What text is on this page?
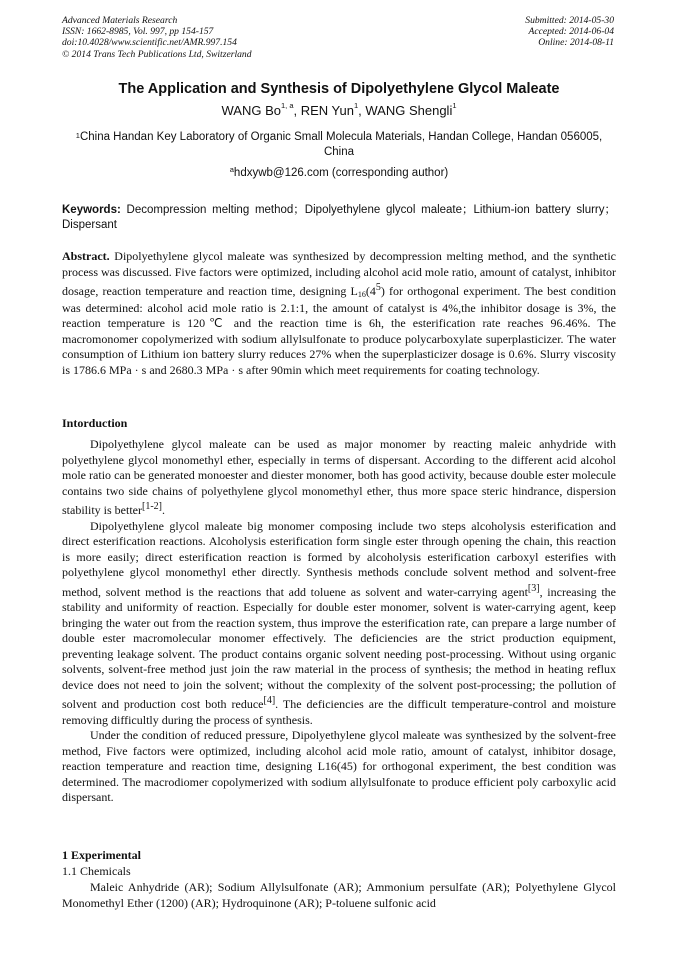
Advanced Materials Research
ISSN: 1662-8985, Vol. 997, pp 154-157
doi:10.4028/www.scientific.net/AMR.997.154
© 2014 Trans Tech Publications Ltd, Switzerland
Submitted: 2014-05-30
Accepted: 2014-06-04
Online: 2014-08-11
The Application and Synthesis of Dipolyethylene Glycol Maleate
WANG Bo$^{1, a}$, REN Yun$^1$, WANG Shengli$^1$
$^1$China Handan Key Laboratory of Organic Small Molecula Materials, Handan College, Handan 056005, China
$^a$hdxywb@126.com (corresponding author)
Keywords: Decompression melting method；Dipolyethylene glycol maleate；Lithium-ion battery slurry；Dispersant
Abstract. Dipolyethylene glycol maleate was synthesized by decompression melting method, and the synthetic process was discussed. Five factors were optimized, including alcohol acid mole ratio, amount of catalyst, inhibitor dosage, reaction temperature and reaction time, designing $L16(4^5)$ for orthogonal experiment. The best condition was determined: alcohol acid mole ratio is 2.1:1, the amount of catalyst is 4%,the inhibitor dosage is 3%, the reaction temperature is 120℃ and the reaction time is 6h, the esterification rate reaches 96.46%. The macromonomer copolymerized with sodium allylsulfonate to produce polycarboxylate superplasticizer. The water consumption of Lithium ion battery slurry reduces 27% when the superplasticizer dosage is 0.6%. Slurry viscosity is 1786.6 MPa · s and 2680.3 MPa · s after 90min which meet requirements for coating technology.
Intorduction

Dipolyethylene glycol maleate can be used as major monomer by reacting maleic anhydride with polyethylene glycol monomethyl ether, especially in terms of dispersant. According to the different acid alcohol mole ratio can be generated monoester and diester monomer, both has good activity, because double ester molecule contains two side chains of polyethylene glycol monomethyl ether, thus more space steric hindrance, dispersion stability is better[1-2].

Dipolyethylene glycol maleate big monomer composing include two steps alcoholysis esterification and direct esterification reactions. Alcoholysis esterification form single ester through opening the chain, this reaction is more easily; direct esterification reaction is formed by alcoholysis esterification carboxyl esterifies with polyethylene glycol monomethyl ether directly. Synthesis methods conclude solvent method and solvent-free method, solvent method is the reactions that add toluene as solvent and water-carrying agent[3], increasing the stability and uniformity of reaction. Especially for double ester monomer, solvent is water-carrying agent, keep bringing the water out from the reaction system, thus improve the esterification rate, can prepare a large number of double ester macromolecular monomer effectively. The deficiencies are the strict production equipment, preventing leakage solvent. The product contains organic solvent needing post-processing. Without using organic solvents, solvent-free method just join the raw material in the process of synthesis; the method in heating reflux device does not need to join the solvent; without the complexity of the solvent post-processing; the pollution of solvent and production cost both reduce[4]. The deficiencies are the difficult temperature-control and moisture removing difficultly during the process of synthesis.

Under the condition of reduced pressure, Dipolyethylene glycol maleate was synthesized by the solvent-free method, Five factors were optimized, including alcohol acid mole ratio, amount of catalyst, inhibitor dosage, reaction temperature and reaction time, designing L16(45) for orthogonal experiment, the best condition was determined. The macrodiomer copolymerized with sodium allylsulfonate to produce efficient poly carboxylic acid dispersant.

1 Experimental
1.1 Chemicals

Maleic Anhydride (AR); Sodium Allylsulfonate (AR); Ammonium persulfate (AR); Polyethylene Glycol Monomethyl Ether (1200) (AR); Hydroquinone (AR); P-toluene sulfonic acid
